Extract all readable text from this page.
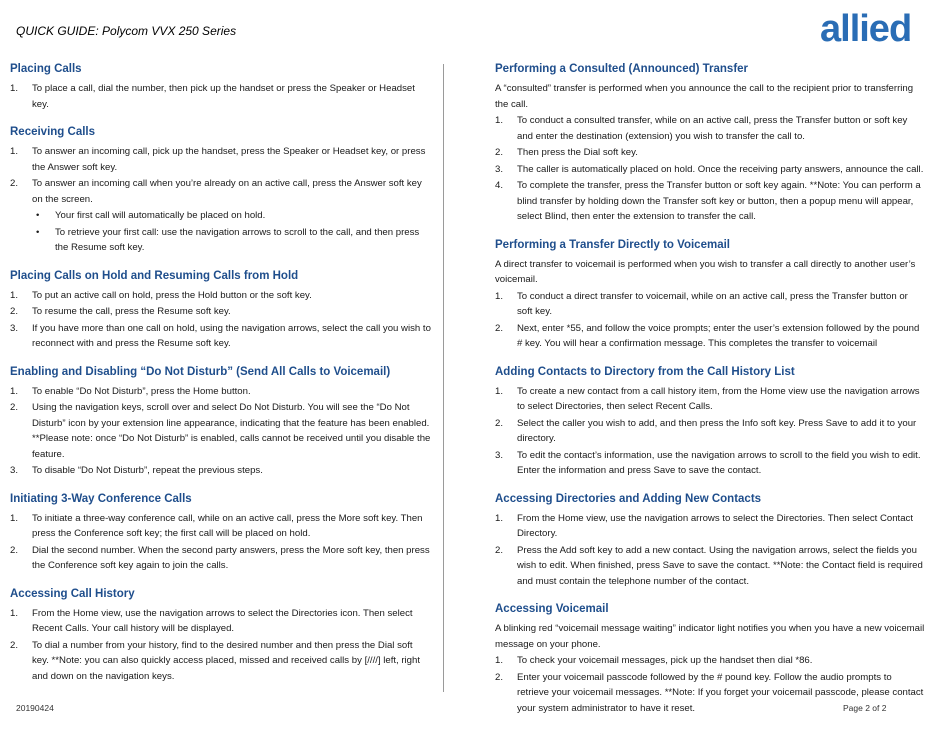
QUICK GUIDE: Polycom VVX 250 Series	allied
Placing Calls
1. To place a call, dial the number, then pick up the handset or press the Speaker or Headset key.
Receiving Calls
1. To answer an incoming call, pick up the handset, press the Speaker or Headset key, or press the Answer soft key.
2. To answer an incoming call when you’re already on an active call, press the Answer soft key on the screen.
• Your first call will automatically be placed on hold.
• To retrieve your first call: use the navigation arrows to scroll to the call, and then press the Resume soft key.
Placing Calls on Hold and Resuming Calls from Hold
1. To put an active call on hold, press the Hold button or the soft key.
2. To resume the call, press the Resume soft key.
3. If you have more than one call on hold, using the navigation arrows, select the call you wish to reconnect with and press the Resume soft key.
Enabling and Disabling “Do Not Disturb” (Send All Calls to Voicemail)
1. To enable “Do Not Disturb”, press the Home button.
2. Using the navigation keys, scroll over and select Do Not Disturb. You will see the “Do Not Disturb” icon by your extension line appearance, indicating that the feature has been enabled. **Please note: once “Do Not Disturb” is enabled, calls cannot be received until you disable the feature.
3. To disable “Do Not Disturb”, repeat the previous steps.
Initiating 3-Way Conference Calls
1. To initiate a three-way conference call, while on an active call, press the More soft key. Then press the Conference soft key; the first call will be placed on hold.
2. Dial the second number. When the second party answers, press the More soft key, then press the Conference soft key again to join the calls.
Accessing Call History
1. From the Home view, use the navigation arrows to select the Directories icon. Then select Recent Calls. Your call history will be displayed.
2. To dial a number from your history, find to the desired number and then press the Dial soft key. **Note: you can also quickly access placed, missed and received calls by [////] left, right and down on the navigation keys.
Performing a Consulted (Announced) Transfer
A “consulted” transfer is performed when you announce the call to the recipient prior to transferring the call.
1. To conduct a consulted transfer, while on an active call, press the Transfer button or soft key and enter the destination (extension) you wish to transfer the call to.
2. Then press the Dial soft key.
3. The caller is automatically placed on hold. Once the receiving party answers, announce the call.
4. To complete the transfer, press the Transfer button or soft key again. **Note: You can perform a blind transfer by holding down the Transfer soft key or button, then a popup menu will appear, select Blind, then enter the extension to transfer the call.
Performing a Transfer Directly to Voicemail
A direct transfer to voicemail is performed when you wish to transfer a call directly to another user’s voicemail.
1. To conduct a direct transfer to voicemail, while on an active call, press the Transfer button or soft key.
2. Next, enter *55, and follow the voice prompts; enter the user’s extension followed by the pound # key. You will hear a confirmation message. This completes the transfer to voicemail
Adding Contacts to Directory from the Call History List
1. To create a new contact from a call history item, from the Home view use the navigation arrows to select Directories, then select Recent Calls.
2. Select the caller you wish to add, and then press the Info soft key. Press Save to add it to your directory.
3. To edit the contact’s information, use the navigation arrows to scroll to the field you wish to edit. Enter the information and press Save to save the contact.
Accessing Directories and Adding New Contacts
1. From the Home view, use the navigation arrows to select the Directories. Then select Contact Directory.
2. Press the Add soft key to add a new contact. Using the navigation arrows, select the fields you wish to edit. When finished, press Save to save the contact. **Note: the Contact field is required and must contain the telephone number of the contact.
Accessing Voicemail
A blinking red “voicemail message waiting” indicator light notifies you when you have a new voicemail message on your phone.
1. To check your voicemail messages, pick up the handset then dial *86.
2. Enter your voicemail passcode followed by the # pound key. Follow the audio prompts to retrieve your voicemail messages. **Note: If you forget your voicemail passcode, please contact your system administrator to have it reset.
20190424	Page 2 of 2
